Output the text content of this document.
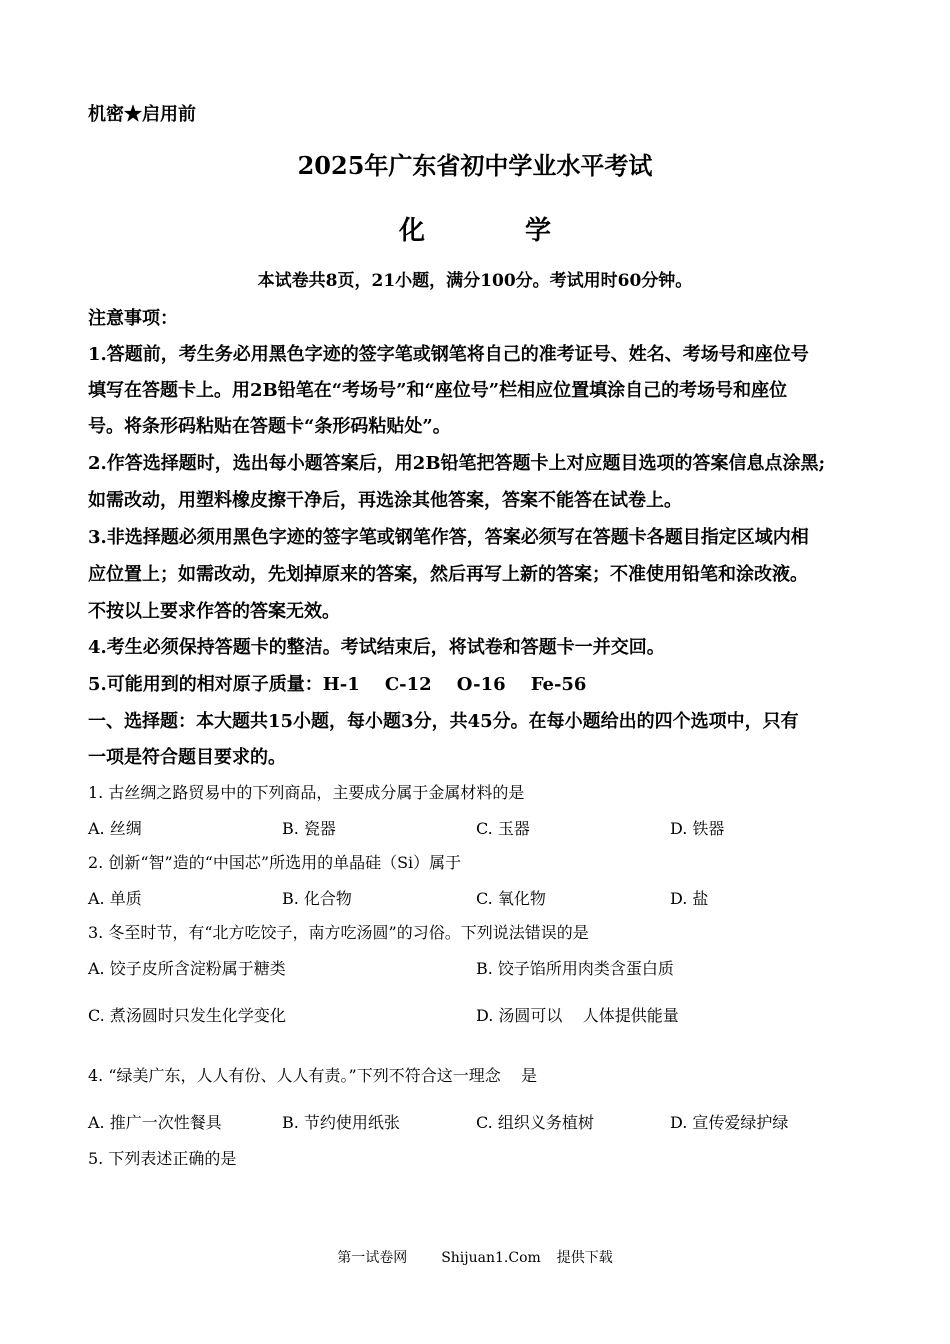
机密★启用前
2025年广东省初中学业水平考试
化	学
本试卷共8页，21小题，满分100分。考试用时60分钟。
注意事项：
1.答题前，考生务必用黑色字迹的签字笔或钢笔将自己的准考证号、姓名、考场号和座位号
填写在答题卡上。用2B铅笔在“考场号”和“座位号”栏相应位置填涂自己的考场号和座位
号。将条形码粘贴在答题卡“条形码粘贴处”。
2.作答选择题时，选出每小题答案后，用2B铅笔把答题卡上对应题目选项的答案信息点涂黑;
如需改动，用塑料橡皮擦干净后，再选涂其他答案，答案不能答在试卷上。
3.非选择题必须用黑色字迹的签字笔或钢笔作答，答案必须写在答题卡各题目指定区域内相
应位置上；如需改动，先划掉原来的答案，然后再写上新的答案；不准使用铅笔和涂改液。
不按以上要求作答的答案无效。
4.考生必须保持答题卡的整洁。考试结束后，将试卷和答题卡一并交回。
5.可能用到的相对原子质量：H-1    C-12    O-16    Fe-56
一、选择题：本大题共15小题，每小题3分，共45分。在每小题给出的四个选项中，只有
一项是符合题目要求的。
1. 古丝绸之路贸易中的下列商品，主要成分属于金属材料的是
A. 丝绸	B. 瓷器	C. 玉器	D. 铁器
2. 创新“智”造的“中国芯”所选用的单晶硅（Si）属于
A. 单质	B. 化合物	C. 氧化物	D. 盐
3. 冬至时节，有“北方吃饺子，南方吃汤圆”的习俗。下列说法错误的是
A. 饺子皮所含淀粉属于糖类	B. 饺子馅所用肉类含蛋白质
C. 煮汤圆时只发生化学变化	D. 汤圆可以    人体提供能量
4. “绿美广东，人人有份、人人有责。”下列不符合这一理念    是
A. 推广一次性餐具	B. 节约使用纸张	C. 组织义务植树	D. 宣传爱绿护绿
5. 下列表述正确的是
第一试卷网 Shijuan1.Com 提供下载
